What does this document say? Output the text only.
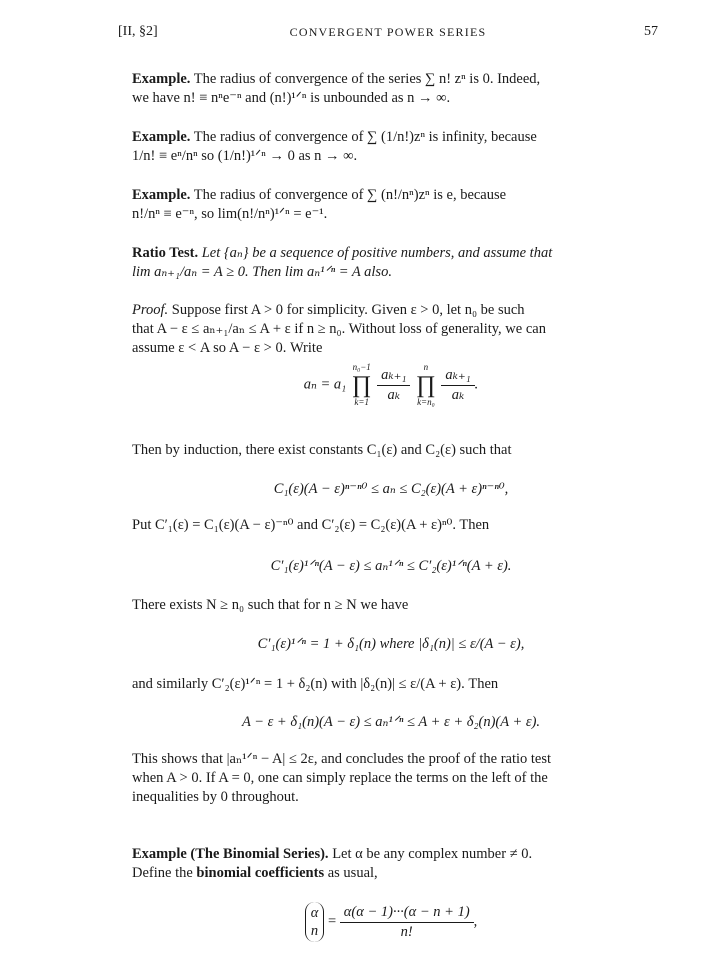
[II, §2]	CONVERGENT POWER SERIES	57
Example. The radius of convergence of the series ∑ n! zⁿ is 0. Indeed,
we have n! ≡ nⁿe⁻ⁿ and (n!)¹ᐟⁿ is unbounded as n → ∞.
Example. The radius of convergence of ∑ (1/n!)zⁿ is infinity, because
1/n! ≡ eⁿ/nⁿ so (1/n!)¹ᐟⁿ → 0 as n → ∞.
Example. The radius of convergence of ∑ (n!/nⁿ)zⁿ is e, because
n!/nⁿ ≡ e⁻ⁿ, so lim(n!/nⁿ)¹ᐟⁿ = e⁻¹.
Ratio Test. Let {aₙ} be a sequence of positive numbers, and assume that
lim aₙ₊₁/aₙ = A ≥ 0. Then lim aₙ¹ᐟⁿ = A also.
Proof. Suppose first A > 0 for simplicity. Given ε > 0, let n₀ be such
that A − ε ≤ aₙ₊₁/aₙ ≤ A + ε if n ≥ n₀. Without loss of generality, we can
assume ε < A so A − ε > 0. Write
aₙ = a₁
n₀−1
∏
k=1
$\frac{\text{aₖ₊₁}}{\text{aₖ}}$
	n
∏
k=n₀
$\frac{\text{aₖ₊₁}}{\text{aₖ}}$ .
Then by induction, there exist constants C₁(ε) and C₂(ε) such that
C₁(ε)(A − ε)ⁿ⁻ⁿ⁰ ≤ aₙ ≤ C₂(ε)(A + ε)ⁿ⁻ⁿ⁰,
Put C′₁(ε) = C₁(ε)(A − ε)⁻ⁿ⁰ and C′₂(ε) = C₂(ε)(A + ε)ⁿ⁰. Then
C′₁(ε)¹ᐟⁿ(A − ε) ≤ aₙ¹ᐟⁿ ≤ C′₂(ε)¹ᐟⁿ(A + ε).
There exists N ≥ n₀ such that for n ≥ N we have
C′₁(ε)¹ᐟⁿ = 1 + δ₁(n) where |δ₁(n)| ≤ ε/(A − ε),
and similarly C′₂(ε)¹ᐟⁿ = 1 + δ₂(n) with |δ₂(n)| ≤ ε/(A + ε). Then
A − ε + δ₁(n)(A − ε) ≤ aₙ¹ᐟⁿ ≤ A + ε + δ₂(n)(A + ε).
This shows that |aₙ¹ᐟⁿ − A| ≤ 2ε, and concludes the proof of the ratio test
when A > 0. If A = 0, one can simply replace the terms on the left of the
inequalities by 0 throughout.
Example (The Binomial Series). Let α be any complex number ≠ 0.
Define the binomial coefficients as usual,
α
n
= $\frac{\alpha(\alpha - 1)\cdot\cdot\cdot(\alpha - n + 1)}{n!}$ ,
